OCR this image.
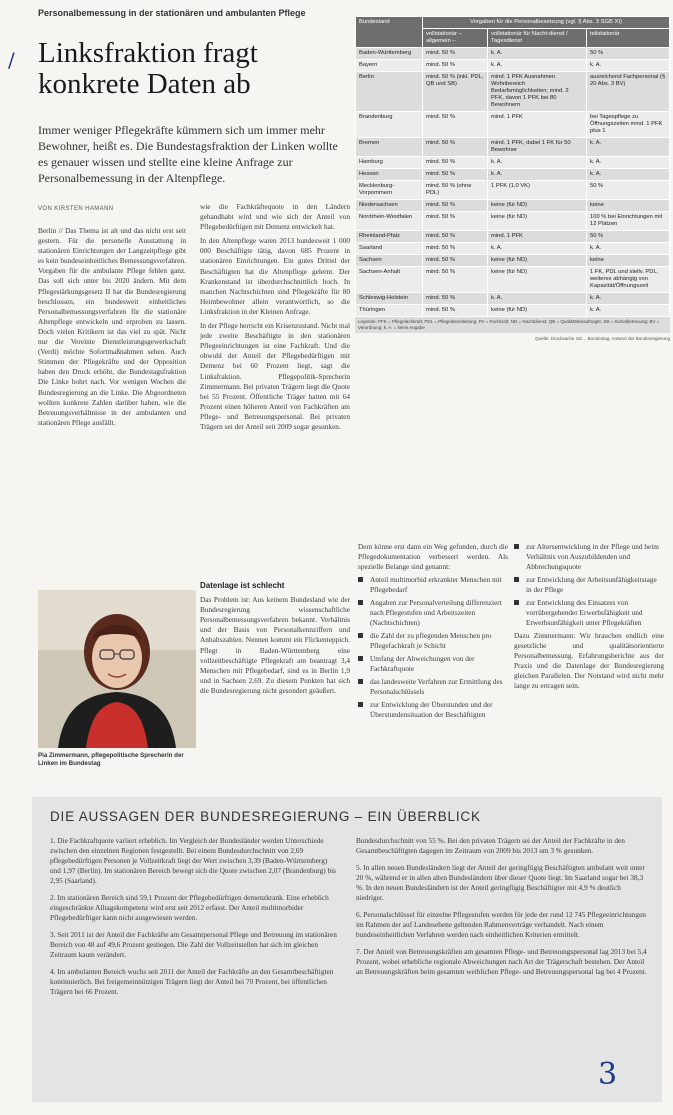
Personalbemessung in der stationären und ambulanten Pflege
/ Linksfraktion fragt
konkrete Daten ab
Immer weniger Pflegekräfte kümmern sich um immer mehr Bewohner, heißt es. Die Bundestagsfraktion der Linken wollte es genauer wissen und stellte eine kleine Anfrage zur Personalbemessung in der Altenpflege.
VON KIRSTEN HAMANN

Berlin // Das Thema ist alt und das nicht erst seit gestern. Für die personelle Ausstattung in stationären Einrichtungen der Langzeitpflege gibt es kein bundeseinheitliches Bemessungsverfahren. Vorgaben für die ambulante Pflege fehlen ganz. Das soll sich unter bis 2020 ändern. Mit dem Pflegestärkungsgesetz II hat die Bundesregierung beschlossen, ein bundesweit einheitliches Personalbemessungsverfahren für die stationäre Altenpflege entwickeln und erproben zu lassen. Doch vielen Kritikern ist das viel zu spät. Nicht nur die Vereinte Dienstleistungsgewerkschaft (Verdi) möchte Sofortmaßnahmen sehen. Auch Stimmen der Pflegekräfte und der Opposition haben den Druck erhöht, die Bundestagsfraktion Die Linke bohrt nach. Vor wenigen Wochen die Bundesregierung an die Linke. Die Abgeordneten wollten konkrete Zahlen darüber haben, wie die Betreuungsverhältnisse in der ambulanten und stationären Pflege ausfällt.

wie die Fachkräftequote in den Ländern gehandhabt wird und wie sich der Anteil von Pflegebedürftigen mit Demenz entwickelt hat.

In den Altenpflege waren 2013 bundesweit 1 000 000 Beschäftigte tätig, davon 685 Prozent in stationären Einrichtungen. Ein gutes Drittel der Beschäftigten hat die Altenpflege gelernt. Der Krankenstand ist überdurchschnittlich hoch. In manchen Nachtschichten sind Pflegekräfte für 80 Heimbewohner allein verantwortlich, so die Linksfraktion in der Kleinen Anfrage.

In der Pflege herrscht ein Krisenzustand. Nicht mal jede zweite Beschäftigte in den stationären Pflegeeinrichtungen ist eine Fachkraft. Und die obwohl der Anteil der Pflegebedürftigen mit Demenz bei 60 Prozent liegt, sagt die Linksfraktion. Pflegepolitik-Sprecherin Zimmermann. Bei privaten Trägern liegt die Quote bei 55 Prozent. Öffentliche Träger hatten mit 64 Prozent einen höheren Anteil von Fachkräften am Pflege- und Betreuungspersonal. Bei privaten Trägern sei der Anteil seit 2009 sogar gesunken.

Datenlage ist schlecht

Das Problem ist: Aus keinem Bundesland wie der Bundesregierung wissenschaftliche Personalbemessungsverfahren bekannt. Verhältnis und der Basis von Personalkennziffern und Anhaltszahlen. Nennen kommt ein Flickenteppich. Pflegt in Baden-Württemberg eine vollzeitbeschäftigte Pflegekraft am beantragt 3,4 Menschen mit Pflegebedarf, sind es in Berlin 1,9 und in Sachsen 2,69. Zu diesem Punkten hat sich die Bundesregierung nicht gesondert geäußert.

Bundesland	Vorgaben für die Personalbesetzung (vgl. § Abs. 3 SGB XI)		
	vollstationär – allgemein –	vollstationär für Nacht-dienst / Tagesdienst	teilstationär
Baden-Württemberg	mind. 50 %	k. A.	50 %
Bayern	mind. 50 %	k. A.	k. A.
Berlin	mind. 50 % (inkl. PDL, QB und SB)	mind. 1 PFK Ausnahmen Wohnbereich Bedarfsmöglichkeiten; mind. 2 PFK, davon 1 PFK bei 80 Bewohnern	ausreichend Fachpersonal (§ 20 Abs. 3 BV)
Brandenburg	mind. 50 %	mind. 1 PFK	bei Tagespflege zu Öffnungszeiten mind. 1 PFK plus 1
Bremen	mind. 50 %	mind. 1 PFK, dabei 1 FK für 50 Bewohner	k. A.
Hamburg	mind. 50 %	k. A.	k. A.
Hessen	mind. 50 %	k. A.	k. A.
Mecklenburg-Vorpommern	mind. 50 % (ohne PDL)	1 PFK (1,0 VK)	50 %
Niedersachsen	mind. 50 %	keine (für ND)	keine
Nordrhein-Westfalen	mind. 50 %	keine (für ND)	100 % bei Einrichtungen mit 12 Plätzen
Rheinland-Pfalz	mind. 50 %	mind. 1 PFK	50 %
Saarland	mind. 50 %	k. A.	k. A.
Sachsen	mind. 50 %	keine (für ND)	keine
Sachsen-Anhalt	mind. 50 %	keine (für ND)	1 FK, PDL und stellv. PDL, weiteres abhängig von Kapazität/Öffnungszeit
Schleswig-Holstein	mind. 50 %	k. A.	k. A.
Thüringen	mind. 50 %	keine (für ND)	k. A.
Legende: PFK = Pflegefachkraft; PDL = Pflegedienstleitung; FK = Fachkraft; ND = Nachtdienst; QB = Qualitätsbeauftragte; SB = Sozialbetreuung; BV = Verordnung; k. A. = keine Angabe
Quelle: Drucksache 18/… Bundestag, Antwort der Bundesregierung
Pia Zimmermann, pflegepolitische Sprecherin der Linken im Bundestag

Dem könne erst dann ein Weg gefunden, durch die Pflegedokumentation verbessert werden. Als spezielle Belange sind genannt:

Anteil multimorbid erkrankter Menschen mit Pflegebedarf
Angaben zur Personalverteilung differenziert nach Pflegestufen und Arbeitszeiten (Nachtschichten)
die Zahl der zu pflegenden Menschen pro Pflegefachkraft je Schicht
Umfang der Abweichungen von der Fachkraftquote
das landesweite Verfahren zur Ermittlung des Personalschlüssels
zur Entwicklung der Überstunden und der Überstundensituation der Beschäftigten
zur Altersentwicklung in der Pflege und beim Verhältnis von Auszubildenden und Abbrechungsquote
zur Entwicklung der Arbeitsunfähigkeitstage in der Pflege
zur Entwicklung des Einsatzes von vorrübergehender Erwerbsfähigkeit und Erwerbsunfähigkeit unter Pflegekräften

Dazu Zimmermann: Wir brauchen endlich eine gesetzliche und qualitätsorientierte Personalbemessung. Erfahrungsberichte aus der Praxis und die Datenlage der Bundesregierung gleichen Parallelen. Der Notstand wird nicht mehr lange zu ertragen sein.

DIE AUSSAGEN DER BUNDESREGIERUNG – EIN ÜBERBLICK

1. Die Fachkraftquote variiert erheblich. Im Vergleich der Bundesländer werden Unterschiede zwischen den einzelnen Regionen festgestellt. Bei einem Bundesdurchschnitt von 2,69 pflegebedürftigen Personen je Vollzeitkraft liegt der Wert zwischen 3,39 (Baden-Württemberg) und 1,97 (Berlin). Im stationären Bereich bewegt sich die Quote zwischen 2,07 (Brandenburg) bis 2,95 (Saarland).

2. Im stationären Bereich sind 59,1 Prozent der Pflegebedürftigen demenzkrank. Eine erheblich eingeschränkte Alltagskompetenz wird erst seit 2012 erfasst. Der Anteil multimorbider Pflegebedürftiger kann nicht ausgewiesen werden.

3. Seit 2011 ist der Anteil der Fachkräfte am Gesamtpersonal Pflege und Betreuung im stationären Bereich von 48 auf 49,6 Prozent gestiegen. Die Zahl der Vollzeitstellen hat sich im gleichen Zeitraum kaum verändert.

4. Im ambulanten Bereich wuchs seit 2011 der Anteil der Fachkräfte an den Gesamtbeschäftigten kontinuierlich. Bei freigemeinnützigen Trägern liegt der Anteil bei 70 Prozent, bei öffentlichen Trägern bei 66 Prozent.

Bundesdurchschnitt von 55 %. Bei den privaten Trägern sei der Anteil der Fachkräfte in den Gesamtbeschäftigten dagegen im Zeitraum von 2009 bis 2013 um 3 % gesunken.

5. In allen neuen Bundesländern liegt der Anteil der geringfügig Beschäftigten ambulant weit unter 20 %, während er in allen alten Bundesländern über dieser Quote liegt. Im Saarland sogar bei 38,3 %. In den neuen Bundesländern ist der Anteil geringfügig Beschäftigter mit 4,9 % deutlich niedriger.

6. Personalschlüssel für einzelne Pflegestufen werden für jede der rund 12 745 Pflegeeinrichtungen im Rahmen der auf Landesebene geltenden Rahmenverträge verhandelt. Nach einem bundeseinheitlichen Verfahren werden nach einheitlichen Kriterien ermittelt.

7. Der Anteil von Betreuungskräften am gesamten Pflege- und Betreuungspersonal lag 2013 bei 5,4 Prozent, wobei erhebliche regionale Abweichungen nach Art der Trägerschaft bestehen. Der Anteil an Betreuungskräften beim gesamten weiblichen Pflege- und Betreuungspersonal lag bei 4 Prozent.

3
